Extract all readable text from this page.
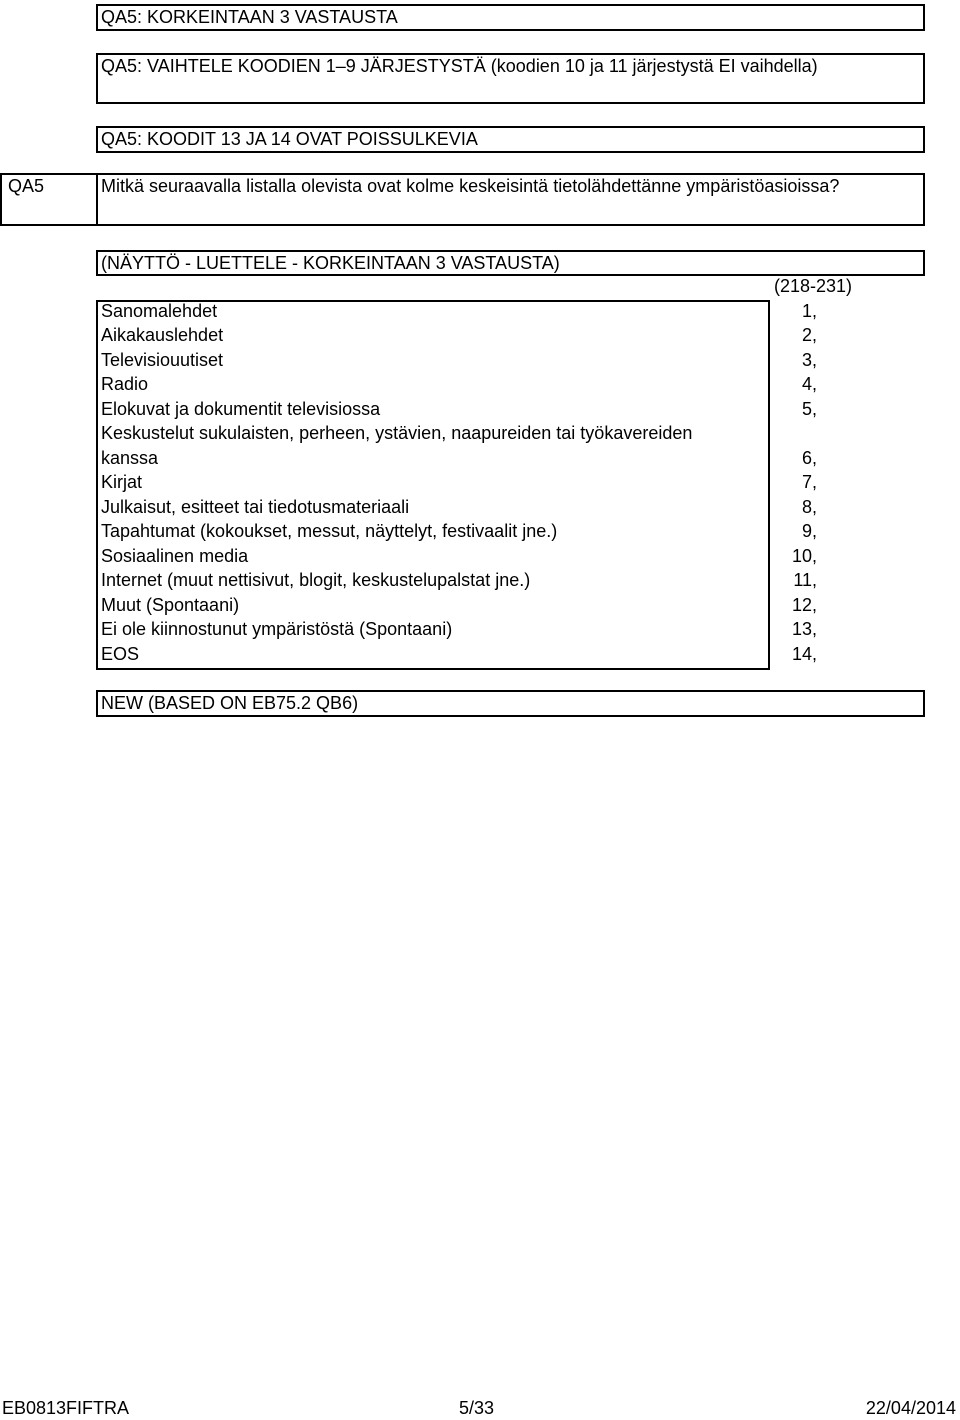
QA5: KORKEINTAAN 3 VASTAUSTA
QA5: VAIHTELE KOODIEN 1–9 JÄRJESTYSTÄ (koodien 10 ja 11 järjestystä EI vaihdella)
QA5: KOODIT 13 JA 14 OVAT POISSULKEVIA
QA5	Mitkä seuraavalla listalla olevista ovat kolme keskeisintä tietolähdettänne ympäristöasioissa?
(NÄYTTÖ - LUETTELE - KORKEINTAAN 3 VASTAUSTA)
(218-231)
Sanomalehdet	1,
Aikakauslehdet	2,
Televisiouutiset	3,
Radio	4,
Elokuvat ja dokumentit televisiossa	5,
Keskustelut sukulaisten, perheen, ystävien, naapureiden tai työkavereiden
kanssa	6,
Kirjat	7,
Julkaisut, esitteet tai tiedotusmateriaali	8,
Tapahtumat (kokoukset, messut, näyttelyt, festivaalit jne.)	9,
Sosiaalinen media	10,
Internet (muut nettisivut, blogit, keskustelupalstat jne.)	11,
Muut (Spontaani)	12,
Ei ole kiinnostunut ympäristöstä (Spontaani)	13,
EOS	14,
NEW (BASED ON EB75.2 QB6)
EB0813FIFTRA	5/33	22/04/2014
